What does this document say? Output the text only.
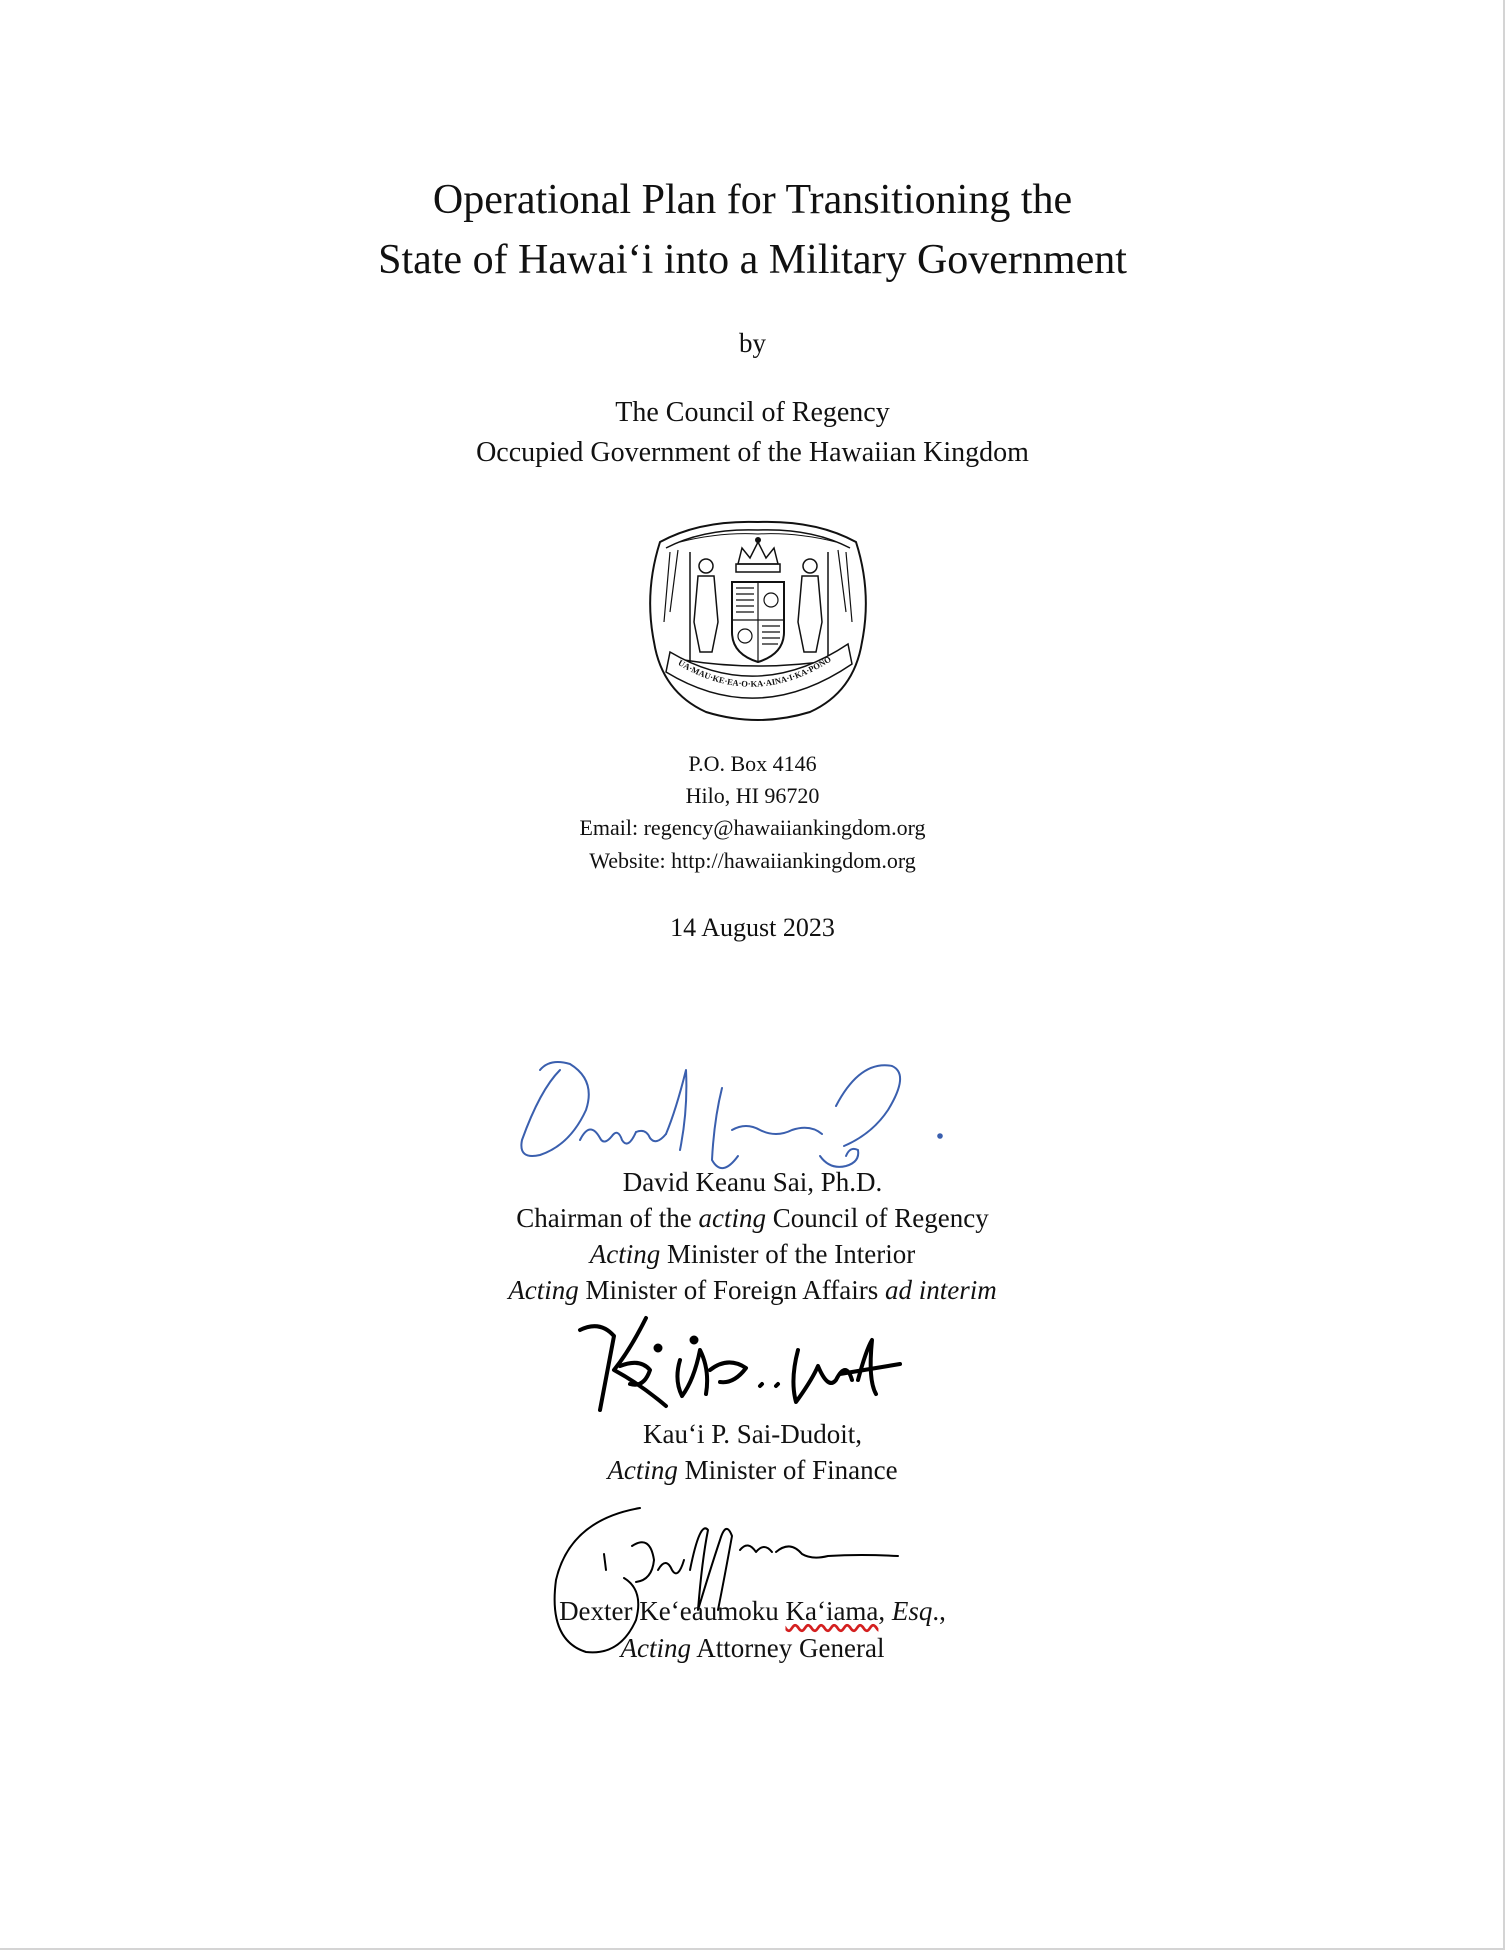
Operational Plan for Transitioning the
State of Hawai‘i into a Military Government
by
The Council of Regency
Occupied Government of the Hawaiian Kingdom
UA·MAU·KE·EA·O·KA·AINA·I·KA·PONO
P.O. Box 4146
Hilo, HI 96720
Email: regency@hawaiiankingdom.org
Website: http://hawaiiankingdom.org
14 August 2023
David Keanu Sai, Ph.D.
Chairman of the acting Council of Regency
Acting Minister of the Interior
Acting Minister of Foreign Affairs ad interim
Kau‘i P. Sai-Dudoit,
Acting Minister of Finance
Dexter Ke‘eaumoku Ka‘iama, Esq.,
Acting Attorney General
